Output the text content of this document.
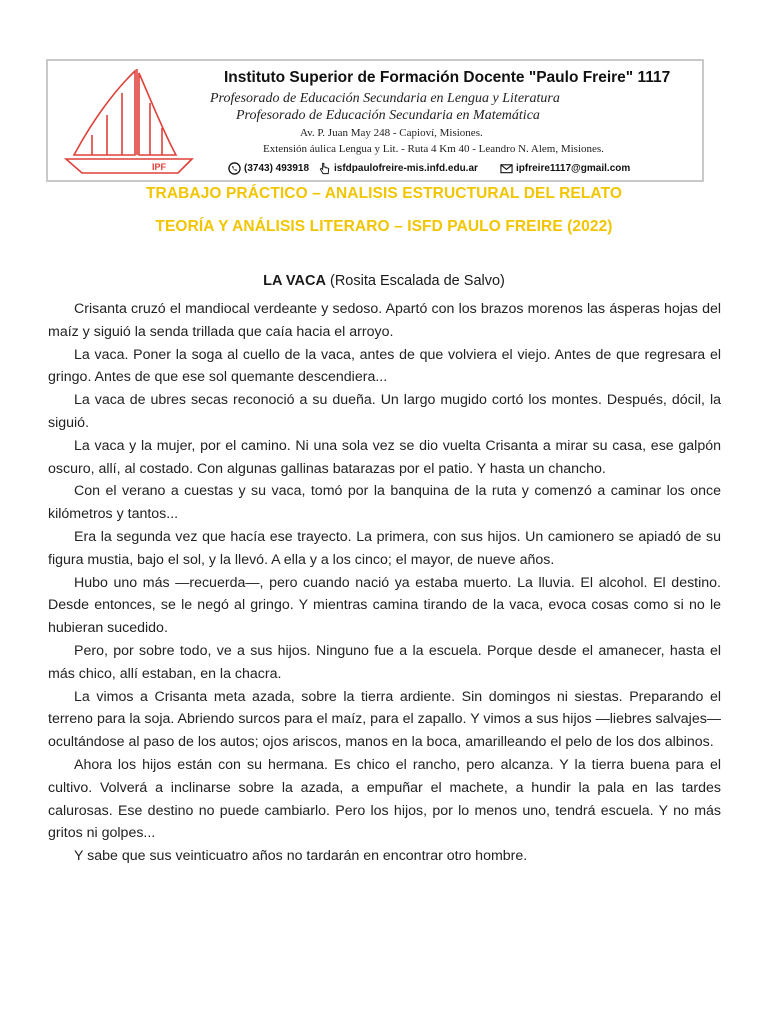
IPF
Instituto Superior de Formación Docente "Paulo Freire" 1117
Profesorado de Educación Secundaria en Lengua y Literatura
Profesorado de Educación Secundaria en Matemática
Av. P. Juan May 248 - Capioví, Misiones.
Extensión áulica Lengua y Lit. - Ruta 4 Km 40 - Leandro N. Alem, Misiones.
(3743) 493918 isfdpaulofreire-mis.infd.edu.ar	ipfreire1117@gmail.com
TRABAJO PRÁCTICO – ANALISIS ESTRUCTURAL DEL RELATO
TEORÍA Y ANÁLISIS LITERARO – ISFD PAULO FREIRE (2022)
LA VACA (Rosita Escalada de Salvo)

Crisanta cruzó el mandiocal verdeante y sedoso. Apartó con los brazos morenos las ásperas hojas del maíz y siguió la senda trillada que caía hacia el arroyo.

La vaca. Poner la soga al cuello de la vaca, antes de que volviera el viejo. Antes de que regresara el gringo. Antes de que ese sol quemante descendiera...

La vaca de ubres secas reconoció a su dueña. Un largo mugido cortó los montes. Después, dócil, la siguió.

La vaca y la mujer, por el camino. Ni una sola vez se dio vuelta Crisanta a mirar su casa, ese galpón oscuro, allí, al costado. Con algunas gallinas batarazas por el patio. Y hasta un chancho.

Con el verano a cuestas y su vaca, tomó por la banquina de la ruta y comenzó a caminar los once kilómetros y tantos...

Era la segunda vez que hacía ese trayecto. La primera, con sus hijos. Un camionero se apiadó de su figura mustia, bajo el sol, y la llevó. A ella y a los cinco; el mayor, de nueve años.

Hubo uno más —recuerda—, pero cuando nació ya estaba muerto. La lluvia. El alcohol. El destino. Desde entonces, se le negó al gringo. Y mientras camina tirando de la vaca, evoca cosas como si no le hubieran sucedido.

Pero, por sobre todo, ve a sus hijos. Ninguno fue a la escuela. Porque desde el amanecer, hasta el más chico, allí estaban, en la chacra.

La vimos a Crisanta meta azada, sobre la tierra ardiente. Sin domingos ni siestas. Preparando el terreno para la soja. Abriendo surcos para el maíz, para el zapallo. Y vimos a sus hijos —liebres salvajes— ocultándose al paso de los autos; ojos ariscos, manos en la boca, amarilleando el pelo de los dos albinos.

Ahora los hijos están con su hermana. Es chico el rancho, pero alcanza. Y la tierra buena para el cultivo. Volverá a inclinarse sobre la azada, a empuñar el machete, a hundir la pala en las tardes calurosas. Ese destino no puede cambiarlo. Pero los hijos, por lo menos uno, tendrá escuela. Y no más gritos ni golpes...

Y sabe que sus veinticuatro años no tardarán en encontrar otro hombre.
